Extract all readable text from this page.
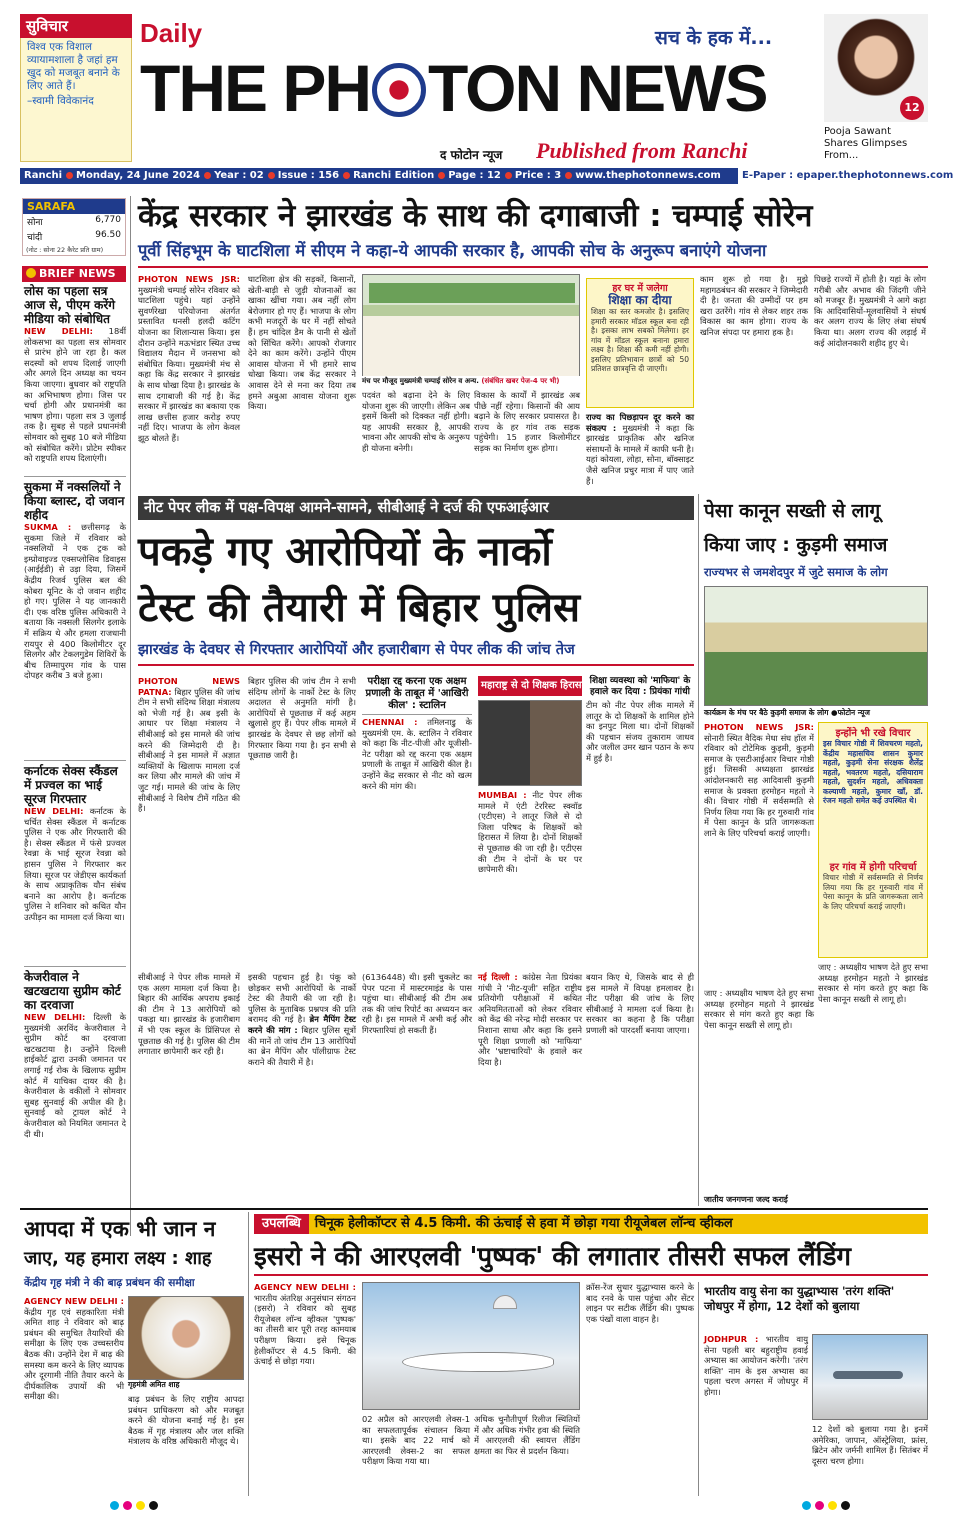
सुविचार
विश्व एक विशाल व्यायामशाला है जहां हम खुद को मजबूत बनाने के लिए आते हैं।
–स्वामी विवेकानंद
Daily	सच के हक में...
THE PH TON NEWS
द फोटोन न्यूज Published from Ranchi
12
Pooja Sawant Shares Glimpses From...
Ranchi Monday, 24 June 2024 Year : 02 Issue : 156 Ranchi Edition Page : 12 Price : 3 www.thephotonnews.com	E-Paper : epaper.thephotonnews.com
SARAFA
सोना	6,770
चांदी	96.50
(नोट : सोना 22 कैरेट प्रति ग्राम)
BRIEF NEWS
लोस का पहला सत्र आज से, पीएम करेंगे मीडिया को संबोधित
NEW DELHI: 18वीं लोकसभा का पहला सत्र सोमवार से प्रारंभ होने जा रहा है। कल सदस्यों को शपथ दिलाई जाएगी और अगले दिन अध्यक्ष का चयन किया जाएगा। बुधवार को राष्ट्रपति का अभिभाषण होगा। जिस पर चर्चा होगी और प्रधानमंत्री का भाषण होगा। पहला सत्र 3 जुलाई तक है। सुबह से पहले प्रधानमंत्री सोमवार को सुबह 10 बजे मीडिया को संबोधित करेंगे। प्रोटेम स्पीकर को राष्ट्रपति शपथ दिलाएंगी।
सुकमा में नक्सलियों ने किया ब्लास्ट, दो जवान शहीद
SUKMA : छत्तीसगढ़ के सुकमा जिले में रविवार को नक्सलियों ने एक ट्रक को इम्प्रोवाइज्ड एक्सप्लोसिव डिवाइस (आईईडी) से उड़ा दिया, जिसमें केंद्रीय रिजर्व पुलिस बल की कोबरा यूनिट के दो जवान शहीद हो गए। पुलिस ने यह जानकारी दी। एक वरिष्ठ पुलिस अधिकारी ने बताया कि नक्सली सिलगेर इलाके में सक्रिय थे और हमला राजधानी रायपुर से 400 किलोमीटर दूर सिलगेर और टेकलगुडेम शिविरों के बीच तिम्मापुरम गांव के पास दोपहर करीब 3 बजे हुआ।
कर्नाटक सेक्स स्कैंडल में प्रज्वल का भाई सूरज गिरफ्तार
NEW DELHI: कर्नाटक के चर्चित सेक्स स्कैंडल में कर्नाटक पुलिस ने एक और गिरफ्तारी की है। सेक्स स्कैंडल में फंसे प्रज्वल रेवन्ना के भाई सूरज रेवन्ना को हासन पुलिस ने गिरफ्तार कर लिया। सूरज पर जेडीएस कार्यकर्ता के साथ अप्राकृतिक यौन संबंध बनाने का आरोप है। कर्नाटक पुलिस ने शनिवार को कथित यौन उत्पीड़न का मामला दर्ज किया था।
केजरीवाल ने खटखटाया सुप्रीम कोर्ट का दरवाजा
NEW DELHI: दिल्ली के मुख्यमंत्री अरविंद केजरीवाल ने सुप्रीम कोर्ट का दरवाजा खटखटाया है। उन्होंने दिल्ली हाईकोर्ट द्वारा उनकी जमानत पर लगाई गई रोक के खिलाफ सुप्रीम कोर्ट में याचिका दायर की है। केजरीवाल के वकीलों ने सोमवार सुबह सुनवाई की अपील की है। सुनवाई को ट्रायल कोर्ट ने केजरीवाल को नियमित जमानत दे दी थी।
केंद्र सरकार ने झारखंड के साथ की दगाबाजी : चम्पाई सोरेन
पूर्वी सिंहभूम के घाटशिला में सीएम ने कहा-ये आपकी सरकार है, आपकी सोच के अनुरूप बनाएंगे योजना
PHOTON NEWS JSR: मुख्यमंत्री चम्पाई सोरेन रविवार को घाटशिला पहुंचे। यहां उन्होंने सुवर्णरेखा परियोजना अंतर्गत प्रस्तावित धनसी हलदी कटिंग योजना का शिलान्यास किया। इस दौरान उन्होंने मऊभंडार स्थित उच्च विद्यालय मैदान में जनसभा को संबोधित किया। मुख्यमंत्री मंच से कहा कि केंद्र सरकार ने झारखंड के साथ धोखा दिया है। झारखंड के साथ दगाबाजी की गई है। केंद्र सरकार में झारखंड का बकाया एक लाख छत्तीस हजार करोड़ रुपए नहीं दिए। भाजपा के लोग केवल झूठ बोलते हैं।
घाटशिला क्षेत्र की सड़कों, किसानों, खेती-बाड़ी से जुड़ी योजनाओं का खाका खींचा गया। अब नहीं लोग बेरोजगार हो गए हैं। भाजपा के लोग कभी मजदूरों के घर में नहीं सोचते हैं। हम चांदिल डैम के पानी से खेतों को सिंचित करेंगे। आपको रोजगार देने का काम करेंगे। उन्होंने पीएम आवास योजना में भी हमारे साथ धोखा किया। जब केंद्र सरकार ने आवास देने से मना कर दिया तब हमने अबुआ आवास योजना शुरू किया।
मंच पर मौजूद मुख्यमंत्री चम्पाई सोरेन व अन्य. (संबंधित खबर पेज-4 पर भी)
पदवंत को बढ़ाना देने के लिए योजना शुरू की जाएगी। लेकिन अब इसमें किसी को दिक्कत नहीं होगी। यह आपकी सरकार है, आपकी भावना और आपकी सोच के अनुरूप ही योजना बनेगी।
विकास के कार्यों में झारखंड अब पीछे नहीं रहेगा। किसानों की आय बढ़ाने के लिए सरकार प्रयासरत है। राज्य के हर गांव तक सड़क पहुंचेगी। 15 हजार किलोमीटर सड़क का निर्माण शुरू होगा।
हर घर में जलेगा
शिक्षा का दीया
शिक्षा का स्तर कमजोर है। इसलिए हमारी सरकार मॉडल स्कूल बना रही है। इसका लाभ सबको मिलेगा। हर गांव में मॉडल स्कूल बनाना हमारा लक्ष्य है। शिक्षा की कमी नहीं होगी। इसलिए प्रतिभावान छात्रों को 50 प्रतिशत छात्रवृत्ति दी जाएगी।
राज्य का पिछड़ापन दूर करने का संकल्प : मुख्यमंत्री ने कहा कि झारखंड प्राकृतिक और खनिज संसाधनों के मामले में काफी धनी है। यहां कोयला, लोहा, सोना, बॉक्साइट जैसे खनिज प्रचुर मात्रा में पाए जाते हैं।
काम शुरू हो गया है। मुझे महागठबंधन की सरकार ने जिम्मेदारी दी है। जनता की उम्मीदों पर हम खरा उतरेंगे। गांव से लेकर शहर तक विकास का काम होगा। राज्य के खनिज संपदा पर हमारा हक है।
पिछड़े राज्यों में होती है। यहां के लोग गरीबी और अभाव की जिंदगी जीने को मजबूर हैं। मुख्यमंत्री ने आगे कहा कि आदिवासियों-मूलवासियों ने संघर्ष कर अलग राज्य के लिए लंबा संघर्ष किया था। अलग राज्य की लड़ाई में कई आंदोलनकारी शहीद हुए थे।
नीट पेपर लीक में पक्ष-विपक्ष आमने-सामने, सीबीआई ने दर्ज की एफआईआर
पकड़े गए आरोपियों के नार्को
टेस्ट की तैयारी में बिहार पुलिस
झारखंड के देवघर से गिरफ्तार आरोपियों और हजारीबाग से पेपर लीक की जांच तेज
PHOTON NEWS PATNA: बिहार पुलिस की जांच टीम ने सभी संदिग्ध शिक्षा मंत्रालय को भेजी गई है। अब इसी के आधार पर शिक्षा मंत्रालय ने सीबीआई को इस मामले की जांच करने की जिम्मेदारी दी है। सीबीआई ने इस मामले में अज्ञात व्यक्तियों के खिलाफ मामला दर्ज कर लिया और मामले की जांच में जुट गई। मामले की जांच के लिए सीबीआई ने विशेष टीमें गठित की हैं।
बिहार पुलिस की जांच टीम ने सभी संदिग्ध लोगों के नार्को टेस्ट के लिए अदालत से अनुमति मांगी है। आरोपियों से पूछताछ में कई अहम खुलासे हुए हैं। पेपर लीक मामले में झारखंड के देवघर से छह लोगों को गिरफ्तार किया गया है। इन सभी से पूछताछ जारी है।
परीक्षा रद्द करना एक अक्षम प्रणाली के ताबूत में 'आखिरी कील' : स्टालिन
CHENNAI : तमिलनाडु के मुख्यमंत्री एम. के. स्टालिन ने रविवार को कहा कि नीट-पीजी और यूजीसी-नेट परीक्षा को रद्द करना एक अक्षम प्रणाली के ताबूत में आखिरी कील है। उन्होंने केंद्र सरकार से नीट को खत्म करने की मांग की।
महाराष्ट्र से दो शिक्षक हिरासत में
MUMBAI : नीट पेपर लीक मामले में एंटी टेररिस्ट स्क्वॉड (एटीएस) ने लातूर जिले से दो जिला परिषद के शिक्षकों को हिरासत में लिया है। दोनों शिक्षकों से पूछताछ की जा रही है। एटीएस की टीम ने दोनों के घर पर छापेमारी की।
टीम को नीट पेपर लीक मामले में लातूर के दो शिक्षकों के शामिल होने का इनपुट मिला था। दोनों शिक्षकों की पहचान संजय तुकाराम जाधव और जलील उमर खान पठान के रूप में हुई है।
शिक्षा व्यवस्था को 'माफिया' के हवाले कर दिया : प्रियंका गांधी
सीबीआई ने पेपर लीक मामले में एक अलग मामला दर्ज किया है। बिहार की आर्थिक अपराध इकाई की टीम ने 13 आरोपियों को पकड़ा था। झारखंड के हजारीबाग में भी एक स्कूल के प्रिंसिपल से पूछताछ की गई है। पुलिस की टीम लगातार छापेमारी कर रही है।
इसकी पहचान हुई है। पंकू को छोड़कर सभी आरोपियों के नार्को टेस्ट की तैयारी की जा रही है। पुलिस के मुताबिक प्रश्नपत्र की प्रति बरामद की गई है। ब्रेन मैपिंग टेस्ट करने की मांग : बिहार पुलिस सूत्रों की मानें तो जांच टीम 13 आरोपियों का ब्रेन मैपिंग और पॉलीग्राफ टेस्ट कराने की तैयारी में है।
(6136448) थी। इसी चुकलेट का पेपर पटना में मास्टरमाइंड के पास पहुंचा था। सीबीआई की टीम अब तक की जांच रिपोर्ट का अध्ययन कर रही है। इस मामले में अभी कई और गिरफ्तारियां हो सकती हैं।
नई दिल्ली : कांग्रेस नेता प्रियंका गांधी ने 'नीट-यूजी' सहित राष्ट्रीय प्रतियोगी परीक्षाओं में कथित अनियमितताओं को लेकर रविवार को केंद्र की नरेन्द्र मोदी सरकार पर निशाना साधा और कहा कि इसने पूरी शिक्षा प्रणाली को 'माफिया' और 'भ्रष्टाचारियों' के हवाले कर दिया है।
बयान किए थे, जिसके बाद से ही इस मामले में विपक्ष हमलावर है। नीट परीक्षा की जांच के लिए सीबीआई ने मामला दर्ज किया है। सरकार का कहना है कि परीक्षा प्रणाली को पारदर्शी बनाया जाएगा।
पेसा कानून सख्ती से लागू
किया जाए : कुड़मी समाज
राज्यभर से जमशेदपुर में जुटे समाज के लोग
कार्यक्रम के मंच पर बैठे कुड़मी समाज के लोग ●फोटोन न्यूज
PHOTON NEWS JSR: सोनारी स्थित वैदिक मेधा संघ हॉल में रविवार को टोटेमिक कुड़मी, कुड़मी समाज के एसटीआईआर विचार गोष्ठी हुई। जिसकी अध्यक्षता झारखंड आंदोलनकारी सह आदिवासी कुड़मी समाज के प्रवक्ता हरमोहन महतो ने की। विचार गोष्ठी में सर्वसम्मति से निर्णय लिया गया कि हर गुरुवारी गांव में पेसा कानून के प्रति जागरूकता लाने के लिए परिचर्चा कराई जाएगी।
इन्होंने भी रखे विचार
इस विचार गोष्ठी में शिवचरण महतो, केंद्रीय महासचिव शासन कुमार महतो, कुड़मी सेना संरक्षक शैलेंद्र महतो, भवतरण महतो, दसियाराम महतो, सुदर्शन महतो, अधिवक्ता कल्याणी महतो, कुमार खाँ, डॉ. रंजन महतो समेत कई उपस्थित थे।
हर गांव में होगी परिचर्चा
विचार गोष्ठी में सर्वसम्मति से निर्णय लिया गया कि हर गुरुवारी गांव में पेसा कानून के प्रति जागरूकता लाने के लिए परिचर्चा कराई जाएगी।
जाए : अध्यक्षीय भाषण देते हुए सभा अध्यक्ष हरमोहन महतो ने झारखंड सरकार से मांग करते हुए कहा कि पेसा कानून सख्ती से लागू हो।
जातीय जनगणना जल्द कराई
जाए : अध्यक्षीय भाषण देते हुए सभा अध्यक्ष हरमोहन महतो ने झारखंड सरकार से मांग करते हुए कहा कि पेसा कानून सख्ती से लागू हो।
आपदा में एक भी जान न
जाए, यह हमारा लक्ष्य : शाह
केंद्रीय गृह मंत्री ने की बाढ़ प्रबंधन की समीक्षा
AGENCY NEW DELHI : केंद्रीय गृह एवं सहकारिता मंत्री अमित शाह ने रविवार को बाढ़ प्रबंधन की समुचित तैयारियों की समीक्षा के लिए एक उच्चस्तरीय बैठक की। उन्होंने देश में बाढ़ की समस्या कम करने के लिए व्यापक और दूरगामी नीति तैयार करने के दीर्घकालिक उपायों की भी समीक्षा की।
गृहमंत्री अमित शाह
बाढ़ प्रबंधन के लिए राष्ट्रीय आपदा प्रबंधन प्राधिकरण को और मजबूत करने की योजना बनाई गई है। इस बैठक में गृह मंत्रालय और जल शक्ति मंत्रालय के वरिष्ठ अधिकारी मौजूद थे।
उपलब्धि चिनूक हेलीकॉप्टर से 4.5 किमी. की ऊंचाई से हवा में छोड़ा गया रीयूजेबल लॉन्च व्हीकल
इसरो ने की आरएलवी 'पुष्पक' की लगातार तीसरी सफल लैंडिंग
AGENCY NEW DELHI : भारतीय अंतरिक्ष अनुसंधान संगठन (इसरो) ने रविवार को सुबह रीयूजेबल लॉन्च व्हीकल 'पुष्पक' का तीसरी बार पूरी तरह कामयाब परीक्षण किया। इसे चिनूक हेलीकॉप्टर से 4.5 किमी. की ऊंचाई से छोड़ा गया।
02 अप्रैल को आरएलवी लेक्स-1 का सफलतापूर्वक संचालन किया था। इसके बाद 22 मार्च को आरएलवी लेक्स-2 का सफल परीक्षण किया गया था।
अधिक चुनौतीपूर्ण रिलीज स्थितियों में और अधिक गंभीर हवा की स्थिति में आरएलवी की स्वायत्त लैंडिंग क्षमता का फिर से प्रदर्शन किया।
क्रॉस-रेंज सुधार युद्धाभ्यास करने के बाद रनवे के पास पहुंचा और सेंटर लाइन पर सटीक लैंडिंग की। पुष्पक एक पंखों वाला वाहन है।
भारतीय वायु सेना का युद्धाभ्यास 'तरंग शक्ति' जोधपुर में होगा, 12 देशों को बुलाया
JODHPUR : भारतीय वायु सेना पहली बार बहुराष्ट्रीय हवाई अभ्यास का आयोजन करेगी। 'तरंग शक्ति' नाम के इस अभ्यास का पहला चरण अगस्त में जोधपुर में होगा।
12 देशों को बुलाया गया है। इनमें अमेरिका, जापान, ऑस्ट्रेलिया, फ्रांस, ब्रिटेन और जर्मनी शामिल हैं। सितंबर में दूसरा चरण होगा।
